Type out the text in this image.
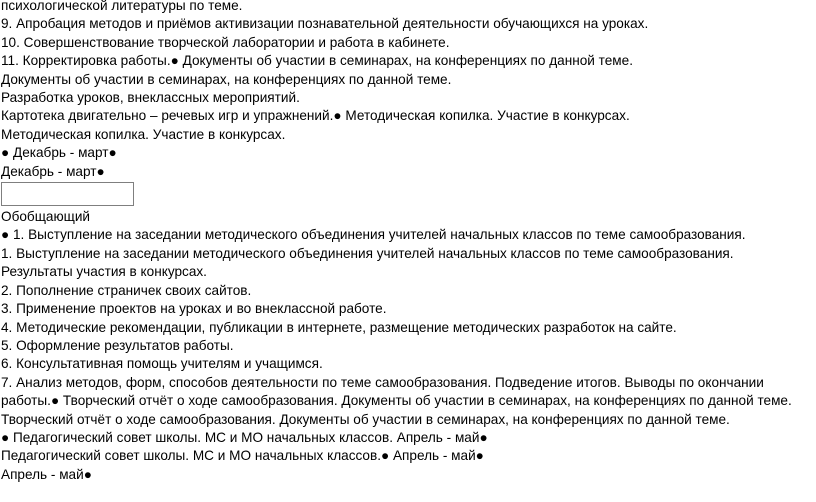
психологической литературы по теме.
9. Апробация методов и приёмов активизации познавательной деятельности обучающихся на уроках.
10. Совершенствование творческой лаборатории и работа в кабинете.
11. Корректировка работы.● Документы об участии в семинарах, на конференциях по данной теме.
Документы об участии в семинарах, на конференциях по данной теме.
Разработка уроков, внеклассных мероприятий.
Картотека двигательно – речевых игр и упражнений.● Методическая копилка. Участие в конкурсах.
Методическая копилка. Участие в конкурсах.
● Декабрь - март●
Декабрь - март●
Обобщающий
● 1. Выступление на заседании методического объединения учителей начальных классов по теме самообразования.
1. Выступление на заседании методического объединения учителей начальных классов по теме самообразования.
Результаты участия в конкурсах.
2. Пополнение страничек своих сайтов.
3. Применение проектов на уроках и во внеклассной работе.
4. Методические рекомендации, публикации в интернете, размещение методических разработок на сайте.
5. Оформление результатов работы.
6. Консультативная помощь учителям и учащимся.
7. Анализ методов, форм, способов деятельности по теме самообразования. Подведение итогов. Выводы по окончании работы.● Творческий отчёт о ходе самообразования. Документы об участии в семинарах, на конференциях по данной теме.
Творческий отчёт о ходе самообразования. Документы об участии в семинарах, на конференциях по данной теме.
● Педагогический совет школы. МС и МО начальных классов. Апрель - май●
Педагогический совет школы. МС и МО начальных классов.● Апрель - май●
Апрель - май●
